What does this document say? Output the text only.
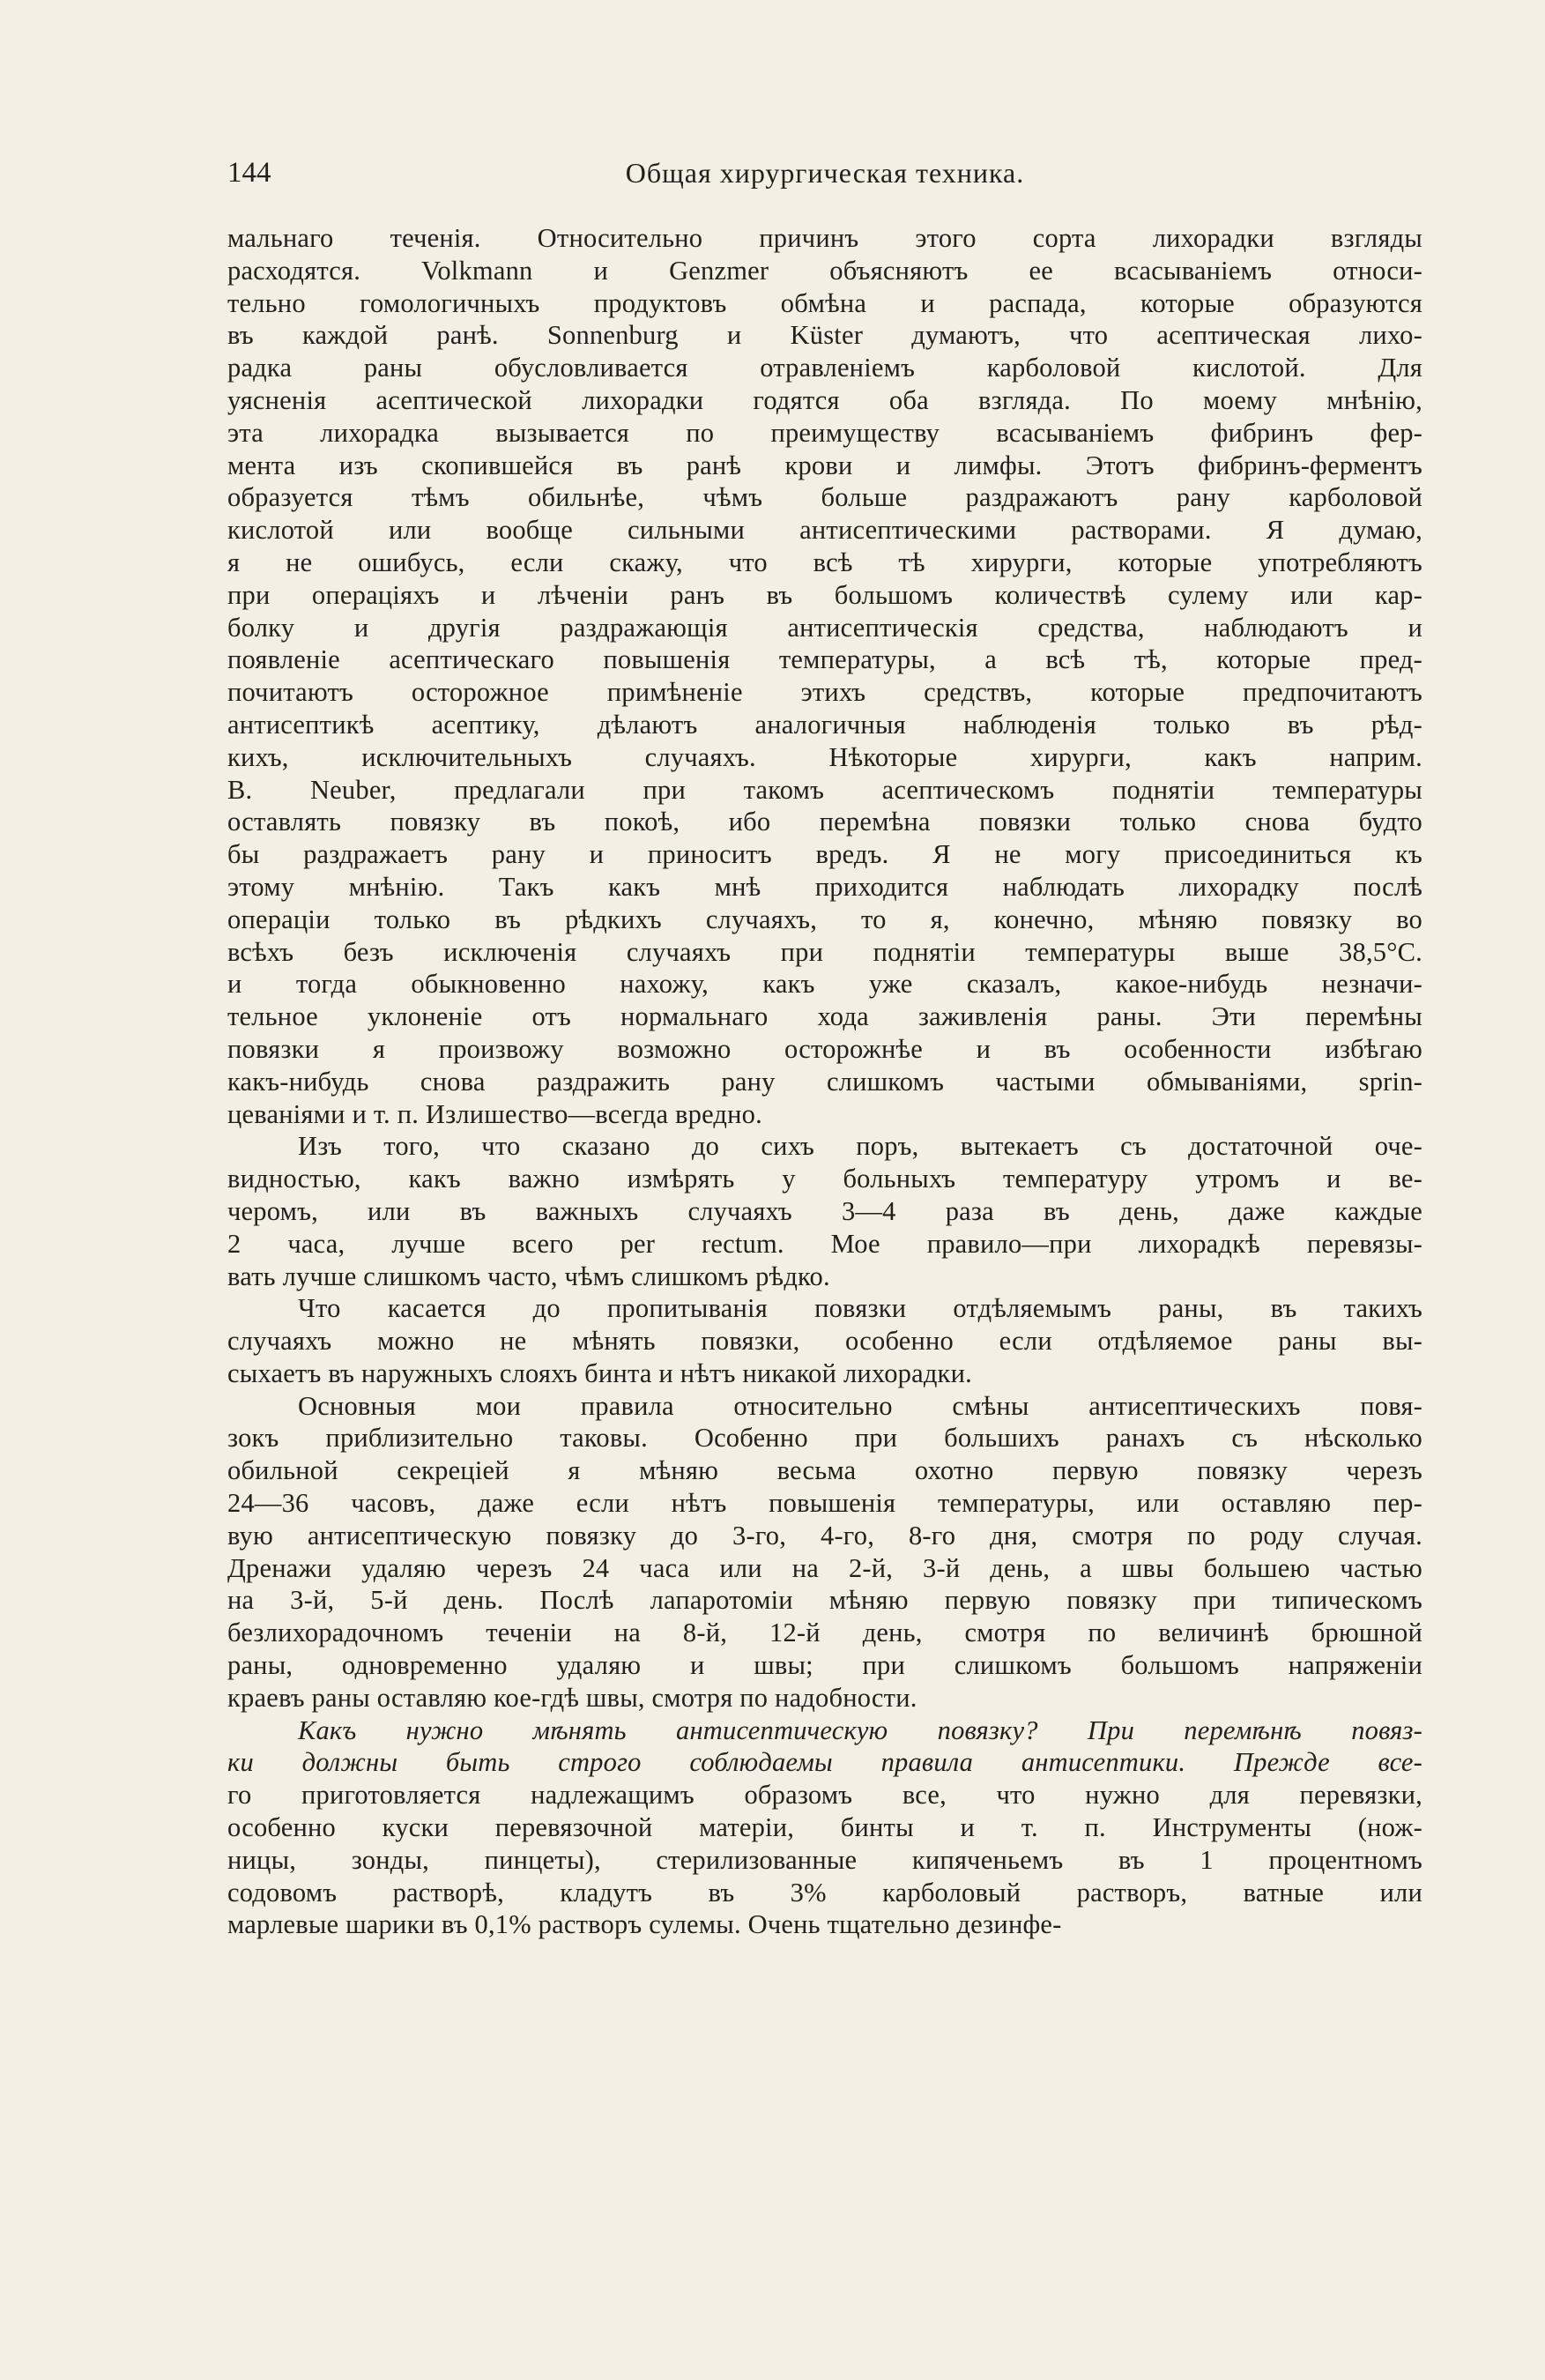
144	Общая хирургическая техника.
мальнаго теченія. Относительно причинъ этого сорта лихорадки взгляды
расходятся. Volkmann и Genzmer объясняютъ ее всасываніемъ относи-
тельно гомологичныхъ продуктовъ обмѣна и распада, которые образуются
въ каждой ранѣ. Sonnenburg и Küster думаютъ, что асептическая лихо-
радка раны обусловливается отравленіемъ карболовой кислотой. Для
уясненія асептической лихорадки годятся оба взгляда. По моему мнѣнію,
эта лихорадка вызывается по преимуществу всасываніемъ фибринъ фер-
мента изъ скопившейся въ ранѣ крови и лимфы. Этотъ фибринъ-ферментъ
образуется тѣмъ обильнѣе, чѣмъ больше раздражаютъ рану карболовой
кислотой или вообще сильными антисептическими растворами. Я думаю,
я не ошибусь, если скажу, что всѣ тѣ хирурги, которые употребляютъ
при операціяхъ и лѣченіи ранъ въ большомъ количествѣ сулему или кар-
болку и другія раздражающія антисептическія средства, наблюдаютъ и
появленіе асептическаго повышенія температуры, а всѣ тѣ, которые пред-
почитаютъ осторожное примѣненіе этихъ средствъ, которые предпочитаютъ
антисептикѣ асептику, дѣлаютъ аналогичныя наблюденія только въ рѣд-
кихъ, исключительныхъ случаяхъ. Нѣкоторые хирурги, какъ наприм.
B. Neuber, предлагали при такомъ асептическомъ поднятіи температуры
оставлять повязку въ покоѣ, ибо перемѣна повязки только снова будто
бы раздражаетъ рану и приноситъ вредъ. Я не могу присоединиться къ
этому мнѣнію. Такъ какъ мнѣ приходится наблюдать лихорадку послѣ
операціи только въ рѣдкихъ случаяхъ, то я, конечно, мѣняю повязку во
всѣхъ безъ исключенія случаяхъ при поднятіи температуры выше 38,5°С.
и тогда обыкновенно нахожу, какъ уже сказалъ, какое-нибудь незначи-
тельное уклоненіе отъ нормальнаго хода заживленія раны. Эти перемѣны
повязки я произвожу возможно осторожнѣе и въ особенности избѣгаю
какъ-нибудь снова раздражить рану слишкомъ частыми обмываніями, sprin-
цеваніями и т. п. Излишество—всегда вредно.
Изъ того, что сказано до сихъ поръ, вытекаетъ съ достаточной оче-
видностью, какъ важно измѣрять у больныхъ температуру утромъ и ве-
черомъ, или въ важныхъ случаяхъ 3—4 раза въ день, даже каждые
2 часа, лучше всего per rectum. Мое правило—при лихорадкѣ перевязы-
вать лучше слишкомъ часто, чѣмъ слишкомъ рѣдко.
Что касается до пропитыванія повязки отдѣляемымъ раны, въ такихъ
случаяхъ можно не мѣнять повязки, особенно если отдѣляемое раны вы-
сыхаетъ въ наружныхъ слояхъ бинта и нѣтъ никакой лихорадки.
Основныя мои правила относительно смѣны антисептическихъ повя-
зокъ приблизительно таковы. Особенно при большихъ ранахъ съ нѣсколько
обильной секреціей я мѣняю весьма охотно первую повязку черезъ
24—36 часовъ, даже если нѣтъ повышенія температуры, или оставляю пер-
вую антисептическую повязку до 3-го, 4-го, 8-го дня, смотря по роду случая.
Дренажи удаляю черезъ 24 часа или на 2-й, 3-й день, а швы большею частью
на 3-й, 5-й день. Послѣ лапаротоміи мѣняю первую повязку при типическомъ
безлихорадочномъ теченіи на 8-й, 12-й день, смотря по величинѣ брюшной
раны, одновременно удаляю и швы; при слишкомъ большомъ напряженіи
краевъ раны оставляю кое-гдѣ швы, смотря по надобности.
Какъ нужно мѣнять антисептическую повязку? При перемѣнѣ повяз-
ки должны быть строго соблюдаемы правила антисептики. Прежде все-
го приготовляется надлежащимъ образомъ все, что нужно для перевязки,
особенно куски перевязочной матеріи, бинты и т. п. Инструменты (нож-
ницы, зонды, пинцеты), стерилизованные кипяченьемъ въ 1 процентномъ
содовомъ растворѣ, кладутъ въ 3% карболовый растворъ, ватные или
марлевые шарики въ 0,1% растворъ сулемы. Очень тщательно дезинфе-
